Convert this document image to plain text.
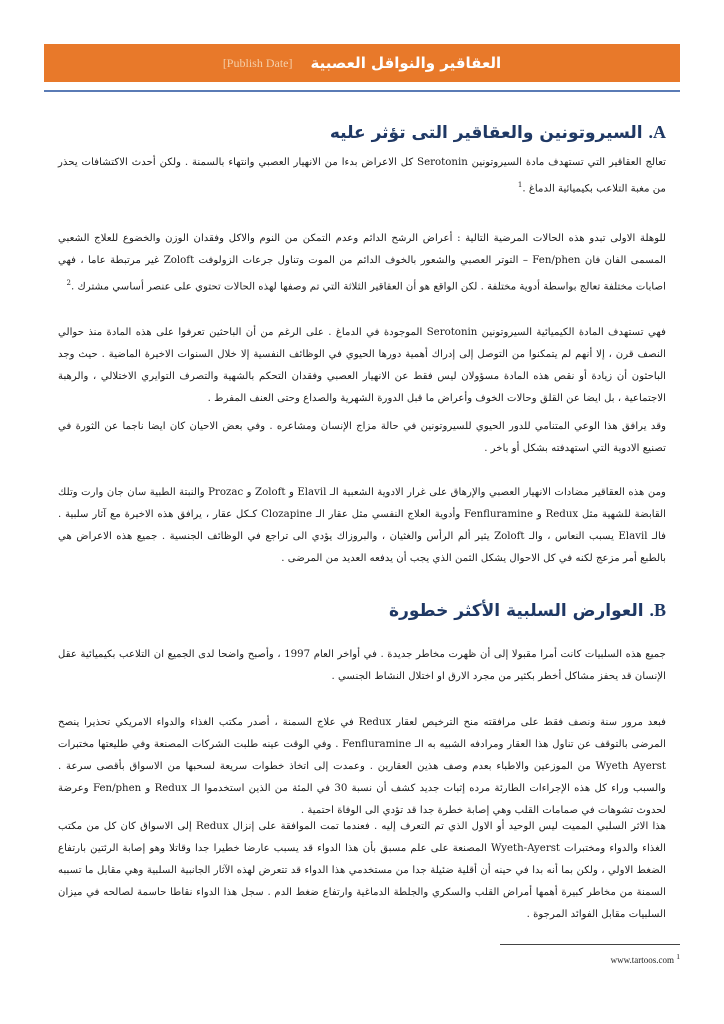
العقاقير والنواقل العصبية
[Publish Date]
A. السيروتونين والعقاقير التى تؤثر عليه
تعالج العقاقير التي تستهدف مادة السيروتونين Serotonin كل الاعراض بدءا من الانهيار العصبي وانتهاء بالسمنة . ولكن أحدث الاكتشافات يحذر من مغبة التلاعب بكيميائية الدماغ .$^1$
للوهلة الاولى تبدو هذه الحالات المرضية التالية : أعراض الرشح الدائم وعدم التمكن من النوم والاكل وفقدان الوزن والخضوع للعلاج الشعبي المسمى الفان فان Fen/phen – التوتر العصبي والشعور بالخوف الدائم من الموت وتناول جرعات الزولوفت Zoloft غير مرتبطة عاما ، فهي اصابات مختلفة تعالج بواسطة أدوية مختلفة . لكن الواقع هو أن العقاقير الثلاثة التي تم وصفها لهذه الحالات تحتوي على عنصر أساسي مشترك .$^2$
فهي تستهدف المادة الكيميائية السيروتونين Serotonin الموجودة في الدماغ . على الرغم من أن الباحثين تعرفوا على هذه المادة منذ حوالي النصف قرن ، إلا أنهم لم يتمكنوا من التوصل إلى إدراك أهمية دورها الحيوي في الوظائف النفسية إلا خلال السنوات الاخيرة الماضية . حيث وجد الباحثون أن زيادة أو نقص هذه المادة مسؤولان ليس فقط عن الانهيار العصبي وفقدان التحكم بالشهية والتصرف التوايري الاختلالي ، والرهبة الاجتماعية ، بل ايضا عن القلق وحالات الخوف وأعراض ما قبل الدورة الشهرية والصداع وحتى العنف المفرط .
وقد يرافق هذا الوعي المتنامي للدور الحيوي للسيروتونين في حالة مزاج الإنسان ومشاعره . وفي بعض الاحيان كان ايضا ناجما عن الثورة في تصنيع الادوية التي استهدفته بشكل أو باخر .
ومن هذه العقاقير مضادات الانهيار العصبي والإرهاق على غرار الادوية الشعبية الـ Elavil و Zoloft و Prozac والنبتة الطبية سان جان وارت وتلك القابضة للشهية مثل Redux و Fenfluramine وأدوية العلاج النفسي مثل عقار الـ Clozapine كـكل عقار ، يرافق هذه الاخيرة مع آثار سلبية . فالـ Elavil يسبب النعاس ، والـ Zoloft يثير ألم الرأس والغثيان ، والبروزاك يؤدي الى تراجع في الوظائف الجنسية . جميع هذه الاعراض هي بالطبع أمر مزعج لكنه في كل الاحوال يشكل الثمن الذي يجب أن يدفعه العديد من المرضى .
B. العوارض السلبية الأكثر خطورة
جميع هذه السلبيات كانت أمرا مقبولا إلى أن ظهرت مخاطر جديدة . في أواخر العام 1997 ، وأصبح واضحا لدى الجميع ان التلاعب بكيميائية عقل الإنسان قد يحفز مشاكل أخطر بكثير من مجرد الارق او اختلال النشاط الجنسي .
فبعد مرور سنة ونصف فقط على مرافقته منح الترخيص لعقار Redux في علاج السمنة ، أصدر مكتب الغذاء والدواء الامريكي تحذيرا ينصح المرضى بالتوقف عن تناول هذا العقار ومرادفه الشبيه به الـ Fenfluramine . وفي الوقت عينه طلبت الشركات المصنعة وفي طليعتها مختبرات Wyeth Ayerst من الموزعين والاطباء بعدم وصف هذين العقارين . وعمدت إلى اتخاذ خطوات سريعة لسحبها من الاسواق بأقصى سرعة . والسبب وراء كل هذه الإجراءات الطارئة مرده إثبات جديد كشف أن نسبة 30 في المئة من الذين استخدموا الـ Redux و Fen/phen وعرضة لحدوث تشوهات في صمامات القلب وهي إصابة خطرة جدا قد تؤدي الى الوفاة احتمية .
هذا الاثر السلبي المميت ليس الوحيد أو الاول الذي تم التعرف إليه . فعندما تمت الموافقة على إنزال Redux إلى الاسواق كان كل من مكتب الغذاء والدواء ومختبرات Wyeth-Ayerst المصنعة على علم مسبق بأن هذا الدواء قد يسبب عارضا خطيرا جدا وقاتلا وهو إصابة الرئتين بارتفاع الضغط الاولي ، ولكن بما أنه بدا في حينه أن أقلية ضئيلة جدا من مستخدمي هذا الدواء قد تتعرض لهذه الآثار الجانبية السلبية وهي مقابل ما تسببه السمنة من مخاطر كبيرة أهمها أمراض القلب والسكري والجلطة الدماغية وارتفاع ضغط الدم . سجل هذا الدواء نقاطا حاسمة لصالحه في ميزان السلبيات مقابل الفوائد المرجوة .
www.tartoos.com $^1$
